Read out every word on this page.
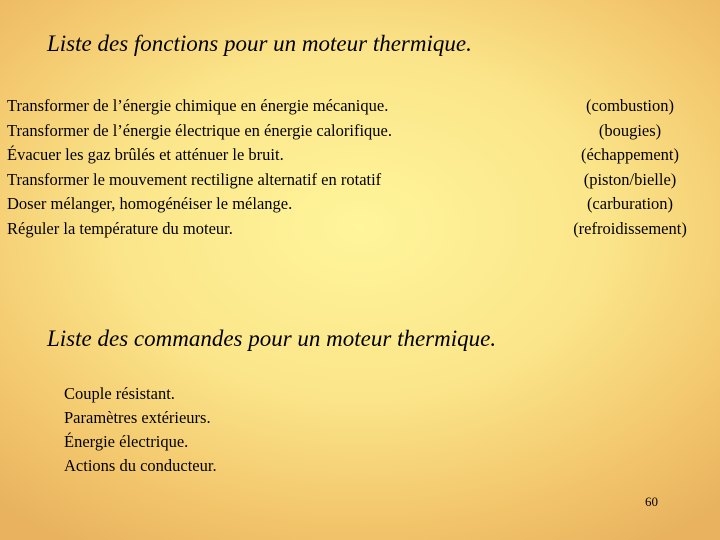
Liste des fonctions pour un moteur thermique.
Transformer de l’énergie chimique en énergie mécanique.
Transformer de l’énergie électrique en énergie calorifique.
Évacuer les gaz brûlés et atténuer le bruit.
Transformer le mouvement rectiligne alternatif en rotatif
Doser mélanger, homogénéiser le mélange.
Réguler la température du moteur.
(combustion)
(bougies)
(échappement)
(piston/bielle)
(carburation)
(refroidissement)
Liste des commandes pour un moteur thermique.
Couple résistant.
Paramètres extérieurs.
Énergie électrique.
Actions du conducteur.
60
